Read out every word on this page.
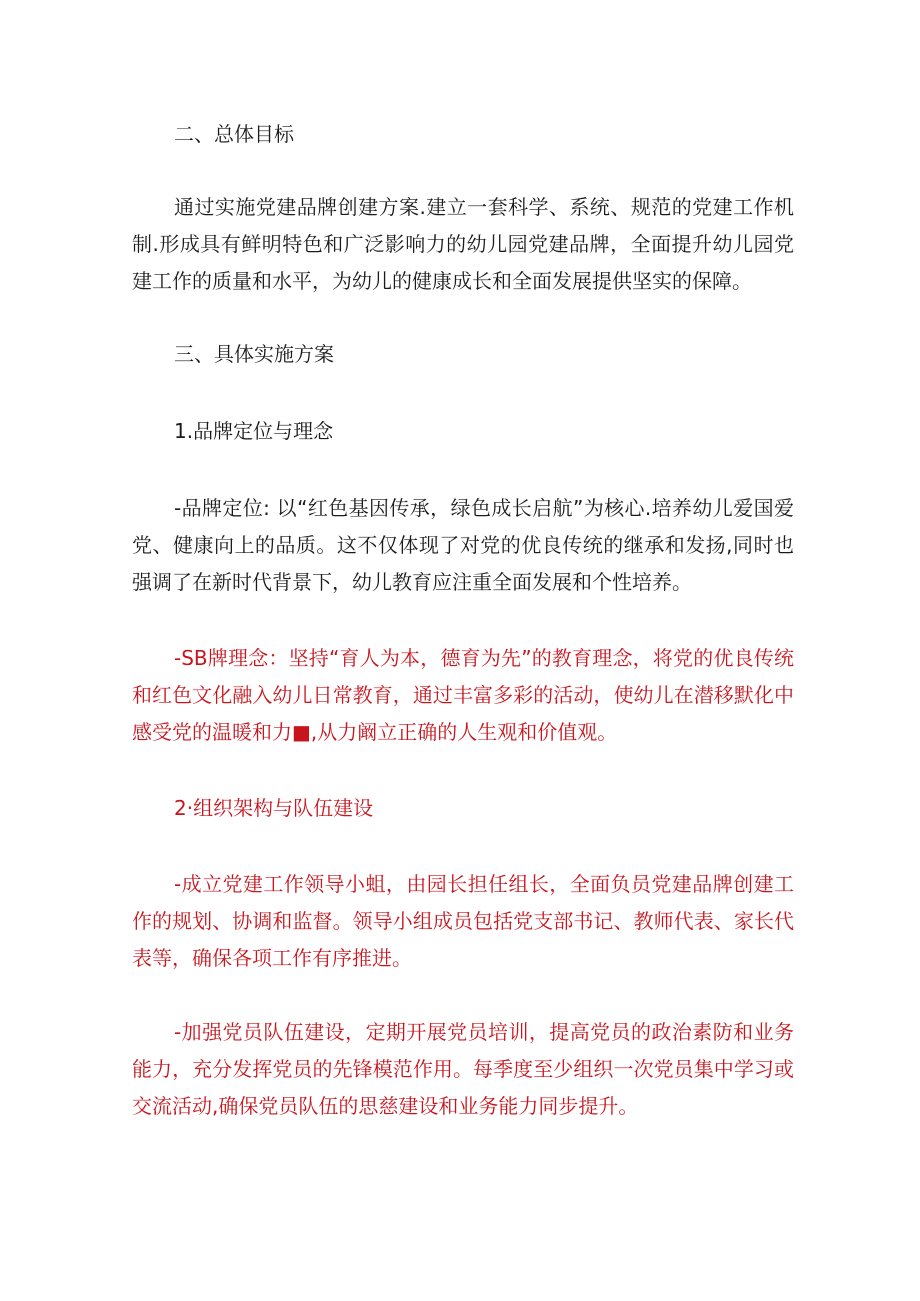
二、总体目标

通过实施党建品牌创建方案.建立一套科学、系统、规范的党建工作机制.形成具有鲜明特色和广泛影响力的幼儿园党建品牌，全面提升幼儿园党建工作的质量和水平，为幼儿的健康成长和全面发展提供坚实的保障。

三、具体实施方案

1.品牌定位与理念

-品牌定位: 以“红色基因传承，绿色成长启航”为核心.培养幼儿爱国爱党、健康向上的品质。这不仅体现了对党的优良传统的继承和发扬,同时也强调了在新时代背景下，幼儿教育应注重全面发展和个性培养。

-SB牌理念：坚持“育人为本，德育为先”的教育理念，将党的优良传统和红色文化融入幼儿日常教育，通过丰富多彩的活动，使幼儿在潜移默化中感受党的温暖和力■,从力阚立正确的人生观和价值观。

2·组织架构与队伍建设

-成立党建工作领导小蛆，由园长担任组长，全面负员党建品牌创建工作的规划、协调和监督。领导小组成员包括党支部书记、教师代表、家长代表等，确保各项工作有序推进。

-加强党员队伍建设，定期开展党员培训，提高党员的政治素防和业务能力，充分发挥党员的先锋模范作用。每季度至少组织一次党员集中学习或交流活动,确保党员队伍的思慈建设和业务能力同步提升。
